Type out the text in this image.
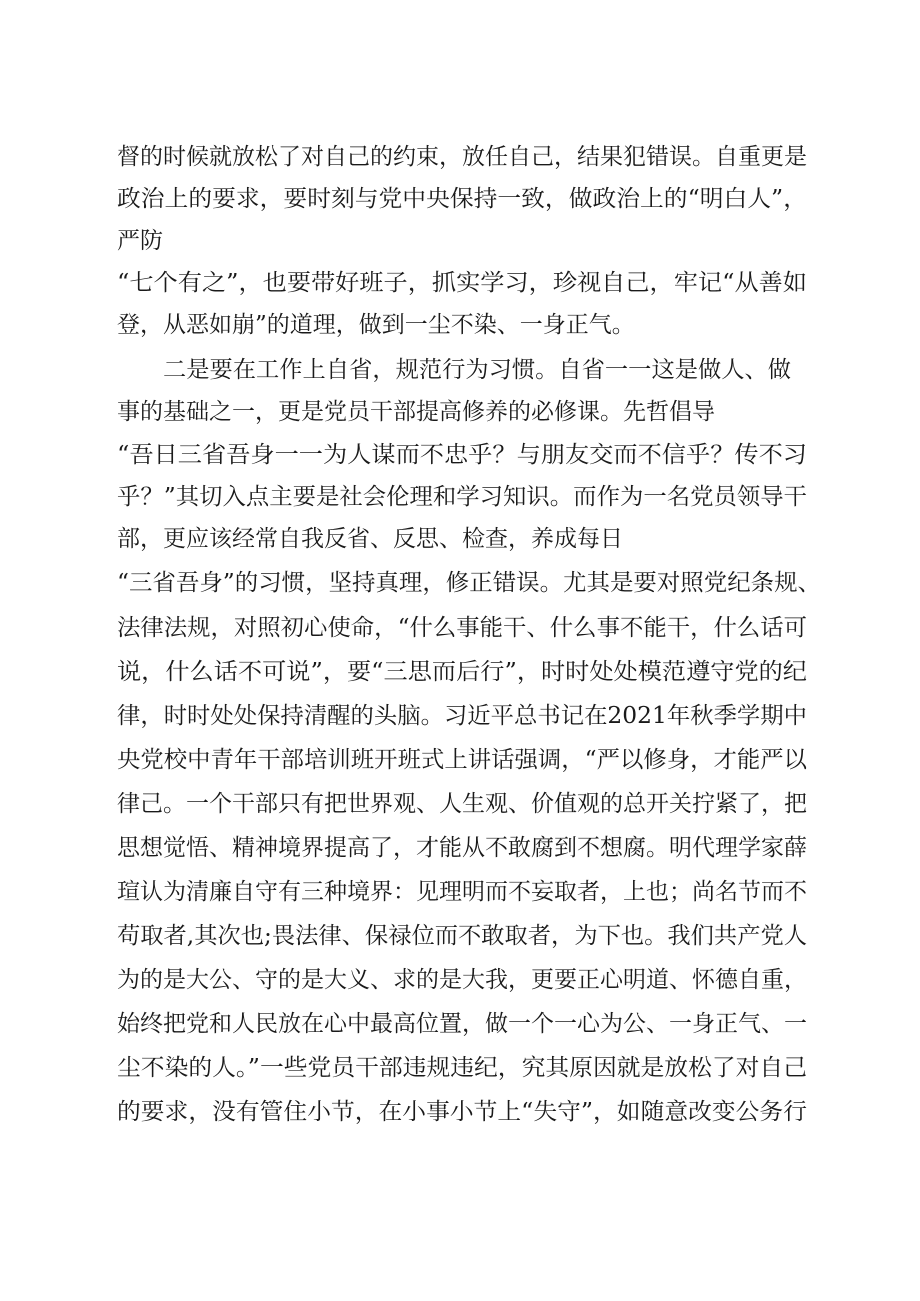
督的时候就放松了对自己的约束，放任自己，结果犯错误。自重更是

政治上的要求，要时刻与党中央保持一致，做政治上的“明白人”，

严防

“七个有之”，也要带好班子，抓实学习，珍视自己，牢记“从善如

登，从恶如崩”的道理，做到一尘不染、一身正气。

二是要在工作上自省，规范行为习惯。自省一一这是做人、做

事的基础之一，更是党员干部提高修养的必修课。先哲倡导

“吾日三省吾身一一为人谋而不忠乎？与朋友交而不信乎？传不习

乎？”其切入点主要是社会伦理和学习知识。而作为一名党员领导干

部，更应该经常自我反省、反思、检查，养成每日

“三省吾身”的习惯，坚持真理，修正错误。尤其是要对照党纪条规、

法律法规，对照初心使命，“什么事能干、什么事不能干，什么话可

说，什么话不可说”，要“三思而后行”，时时处处模范遵守党的纪

律，时时处处保持清醒的头脑。习近平总书记在2021年秋季学期中

央党校中青年干部培训班开班式上讲话强调，“严以修身，才能严以

律己。一个干部只有把世界观、人生观、价值观的总开关拧紧了，把

思想觉悟、精神境界提高了，才能从不敢腐到不想腐。明代理学家薛

瑄认为清廉自守有三种境界：见理明而不妄取者，上也；尚名节而不

苟取者,其次也;畏法律、保禄位而不敢取者，为下也。我们共产党人

为的是大公、守的是大义、求的是大我，更要正心明道、怀德自重，

始终把党和人民放在心中最高位置，做一个一心为公、一身正气、一

尘不染的人。”一些党员干部违规违纪，究其原因就是放松了对自己

的要求，没有管住小节，在小事小节上“失守”，如随意改变公务行
